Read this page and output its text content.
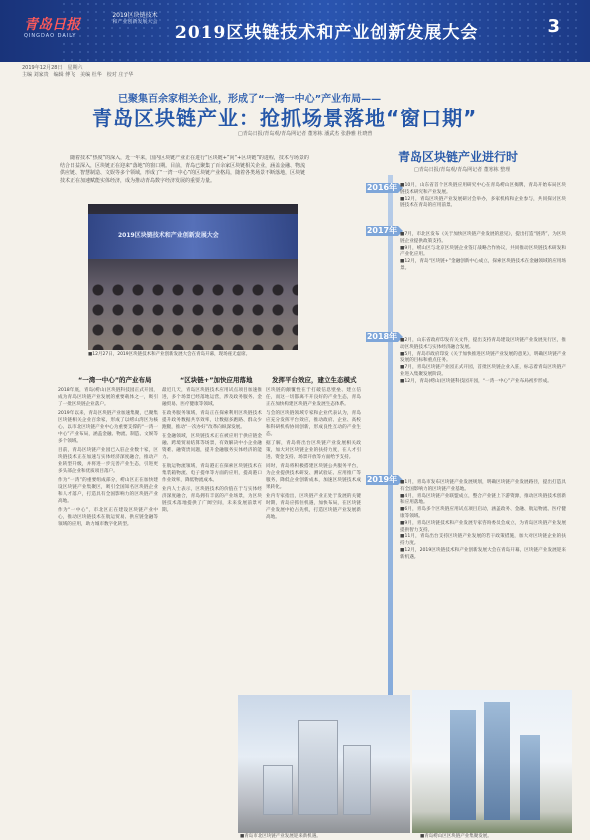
青岛日报
QINGDAO DAILY
2019区块链技术
和产业创新发展大会
2019区块链技术和产业创新发展大会	3
2019年12月28日　星期六
主编 刘家贵　编辑 傅飞　美编 杜华　校对 庄子华
已聚集百余家相关企业，形成了“一湾一中心”产业布局——
青岛区块链产业：抢抓场景落地“窗口期”
□青岛日报/青岛观/青岛网记者 董寒栋 潘武杰 张静雅 杜晓曾
随着技术“热度”的深入，近一年来，国内区块链产业正在进行“区块链+”向“+区块链”的进程，技术与场景的结合日益深入，区块链正在迎来“落地”的窗口期。目前，青岛已聚集了百余家区块链相关企业，涵盖金融、物流供应链、智慧制造、文娱等多个领域，形成了“一湾一中心”的区块链产业格局，随着各类场景不断落地，区块链技术正在加速赋能实体经济，成为推动青岛数字经济发展的重要力量。
2019区块链技术和产业创新发展大会
■12月27日，2019区块链技术和产业创新发展大会在青岛开幕，现场座无虚席。
“一湾一中心”的产业布局

2018年底，青岛(崂山)区块链科技园正式开园，成为青岛区块链产业发展的重要载体之一，吸引了一批区块链企业落户。

2019年以来，青岛区块链产业加速集聚，已聚集区块链相关企业百余家，形成了以崂山湾区为核心、以市北区块链产业中心为重要支撑的“一湾一中心”产业布局，涵盖金融、物流、制造、文娱等多个领域。

目前，青岛区块链产业园已入驻企业数十家，区块链技术正在加速与实体经济深度融合，推动产业转型升级，并将进一步完善产业生态，引进更多头部企业和优质项目落户。

作为“一湾”的重要组成部分，崂山区正在加快建设区块链产业集聚区，吸引全国知名区块链企业和人才落户，打造具有全国影响力的区块链产业高地。

作为“一中心”，市北区正在建设区块链产业中心，推动区块链技术在航运贸易、供应链金融等领域的应用，助力城市数字化转型。

“区块链+”加快应用落地

最近几天，青岛区块链技术应用试点项目加速推进，多个场景已经落地运营，涉及政务服务、金融贸易、医疗健康等领域。

在政务服务领域，青岛正在探索利用区块链技术提升政务数据共享效率，让数据多跑路、群众少跑腿，推动“一次办好”改革向纵深发展。

在金融领域，区块链技术正在被应用于供应链金融、跨境贸易结算等场景，有效解决中小企业融资难、融资贵问题，提升金融服务实体经济的能力。

在航运物流领域，青岛港正在探索区块链技术在集装箱物流、电子提单等方面的应用，提高港口作业效率，降低物流成本。

业内人士表示，区块链技术的价值在于与实体经济深度融合，青岛拥有丰富的产业场景，为区块链技术落地提供了广阔空间，未来发展前景可期。

发挥平台效应，建立生态模式

区块链的颠覆性在于打破信息壁垒、建立信任，而这一切都离不开良好的产业生态，青岛正在加快构建区块链产业发展生态体系。

与会的区块链领域专家和企业代表认为，青岛应充分发挥平台效应，推动政府、企业、高校和科研机构协同创新，形成良性互动的产业生态。

据了解，青岛将出台区块链产业发展相关政策，加大对区块链企业的扶持力度，在人才引进、资金支持、场景开放等方面给予支持。

同时，青岛将积极搭建区块链公共服务平台，为企业提供技术研发、测试验证、应用推广等服务，降低企业创新成本，加速区块链技术成果转化。

业内专家指出，区块链产业正处于发展的关键时期，青岛应抓住机遇，加快布局，在区块链产业发展中抢占先机，打造区块链产业发展新高地。

青岛区块链产业进行时
□青岛日报/青岛观/青岛网记者 董寒栋 整理
2016年 ■10月，山东省首个区块链应用研究中心在青岛崂山区揭牌，青岛开始布局区块链技术研究和产业发展。

■12月，青岛区块链产业发展研讨会举办，多家机构和企业参与，共同探讨区块链技术在青岛的应用前景。

2017年 ■7月，市北区发布《关于加快区块链产业发展的意见》，提出打造“链湾”，为区块链企业提供政策支持。

■9月，崂山区与北京区块链企业签订战略合作协议，共同推动区块链技术研发和产业化应用。

■12月，青岛“区块链+”金融创新中心成立，探索区块链技术在金融领域的应用场景。

2018年 ■2月，山东省政府印发有关文件，提出支持青岛建设区块链产业发展先行区，推动区块链技术与实体经济融合发展。

■5月，青岛市政府印发《关于加快推进区块链产业发展的意见》，明确区块链产业发展的目标和重点任务。

■7月，青岛区块链产业园正式开园，首批区块链企业入驻，标志着青岛区块链产业进入集聚发展阶段。

■12月，青岛(崂山)区块链科技园开园，“一湾一中心”产业布局初步形成。

2019年 ■1月，青岛市发布区块链产业发展规划，明确区块链产业发展路径，提出打造具有全国影响力的区块链产业基地。

■4月，青岛区块链产业联盟成立，整合产业链上下游资源，推动区块链技术创新和应用落地。

■6月，青岛多个区块链应用试点项目启动，涵盖政务、金融、航运物流、医疗健康等领域。

■9月，青岛区块链技术和产业发展专家咨询委员会成立，为青岛区块链产业发展提供智力支持。

■11月，青岛出台支持区块链产业发展的若干政策措施，加大对区块链企业的扶持力度。

■12月，2019区块链技术和产业创新发展大会在青岛开幕，区块链产业发展迎来新机遇。

■青岛市北区块链产业发展迎来新机遇。	■青岛崂山区区块链产业集聚发展。
